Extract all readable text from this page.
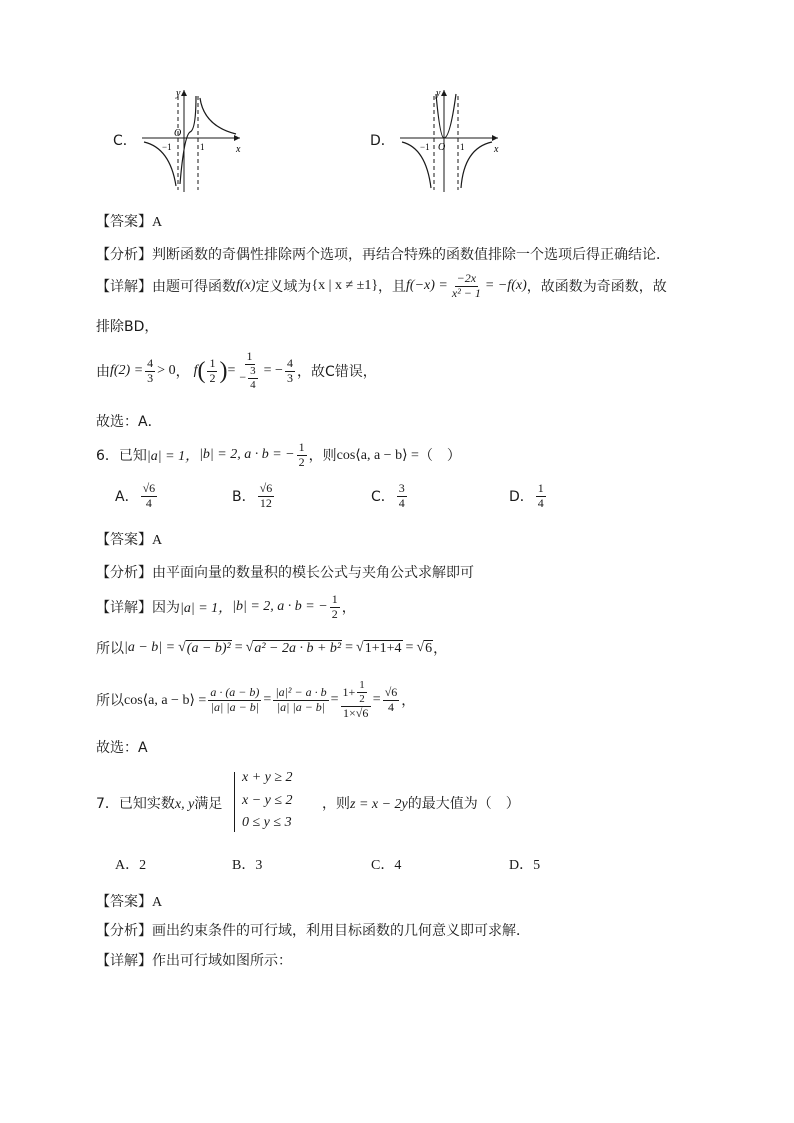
C．
y
x
O
−1	1	D．
y
x
O
−1	1
【答案】A
【分析】判断函数的奇偶性排除两个选项，再结合特殊的函数值排除一个选项后得正确结论．
【详解】 由题可得函数 f(x) 定义域为 {x | x ≠ ±1} ，且 $f(-x) = \frac{-2x}{\text{x² − 1}} = -f(x)$ ，故函数为奇函数，故
排除BD，
由 $f(2) = \frac{4}{3} > 0$ ， f ( $\frac{1}{2}$ ) = $\frac{1}{- \frac{3}{4}}$ = − $\frac{4}{3}$ ，故C错误，
故选：A．
6．已知 |a| = 1， |b| = 2, a · b = − $\frac{1}{2}$ ，则 cos⟨a, a − b⟩ = （　）
A． $\frac{√6}{4}$	B． $\frac{√6}{12}$	C． $\frac{3}{4}$	D． $\frac{1}{4}$
【答案】A
【分析】由平面向量的数量积的模长公式与夹角公式求解即可
【详解】 因为 |a| = 1， |b| = 2, a · b = − $\frac{1}{2}$ ，
所以 |a − b| = √ (a − b)² = √ a² − 2a · b + b² = √ 1+1+4 = √ 6 ，
所以 cos⟨a, a − b⟩ = $\frac{a \cdot (a - b)}{|a| |a - b|} = \frac{\text{|a|² − a · b}}{|a| |a - b|} = \frac{1+ \frac{1}{2}}{1\times√6} = \frac{√6}{4}$ ，
故选：A
7．已知实数x, y满足
x + y ≥ 2
x − y ≤ 2
0 ≤ y ≤ 3
，则z = x − 2y的最大值为（　）
A．2	B．3	C．4	D．5
【答案】A
【分析】画出约束条件的可行域，利用目标函数的几何意义即可求解．
【详解】作出可行域如图所示：
